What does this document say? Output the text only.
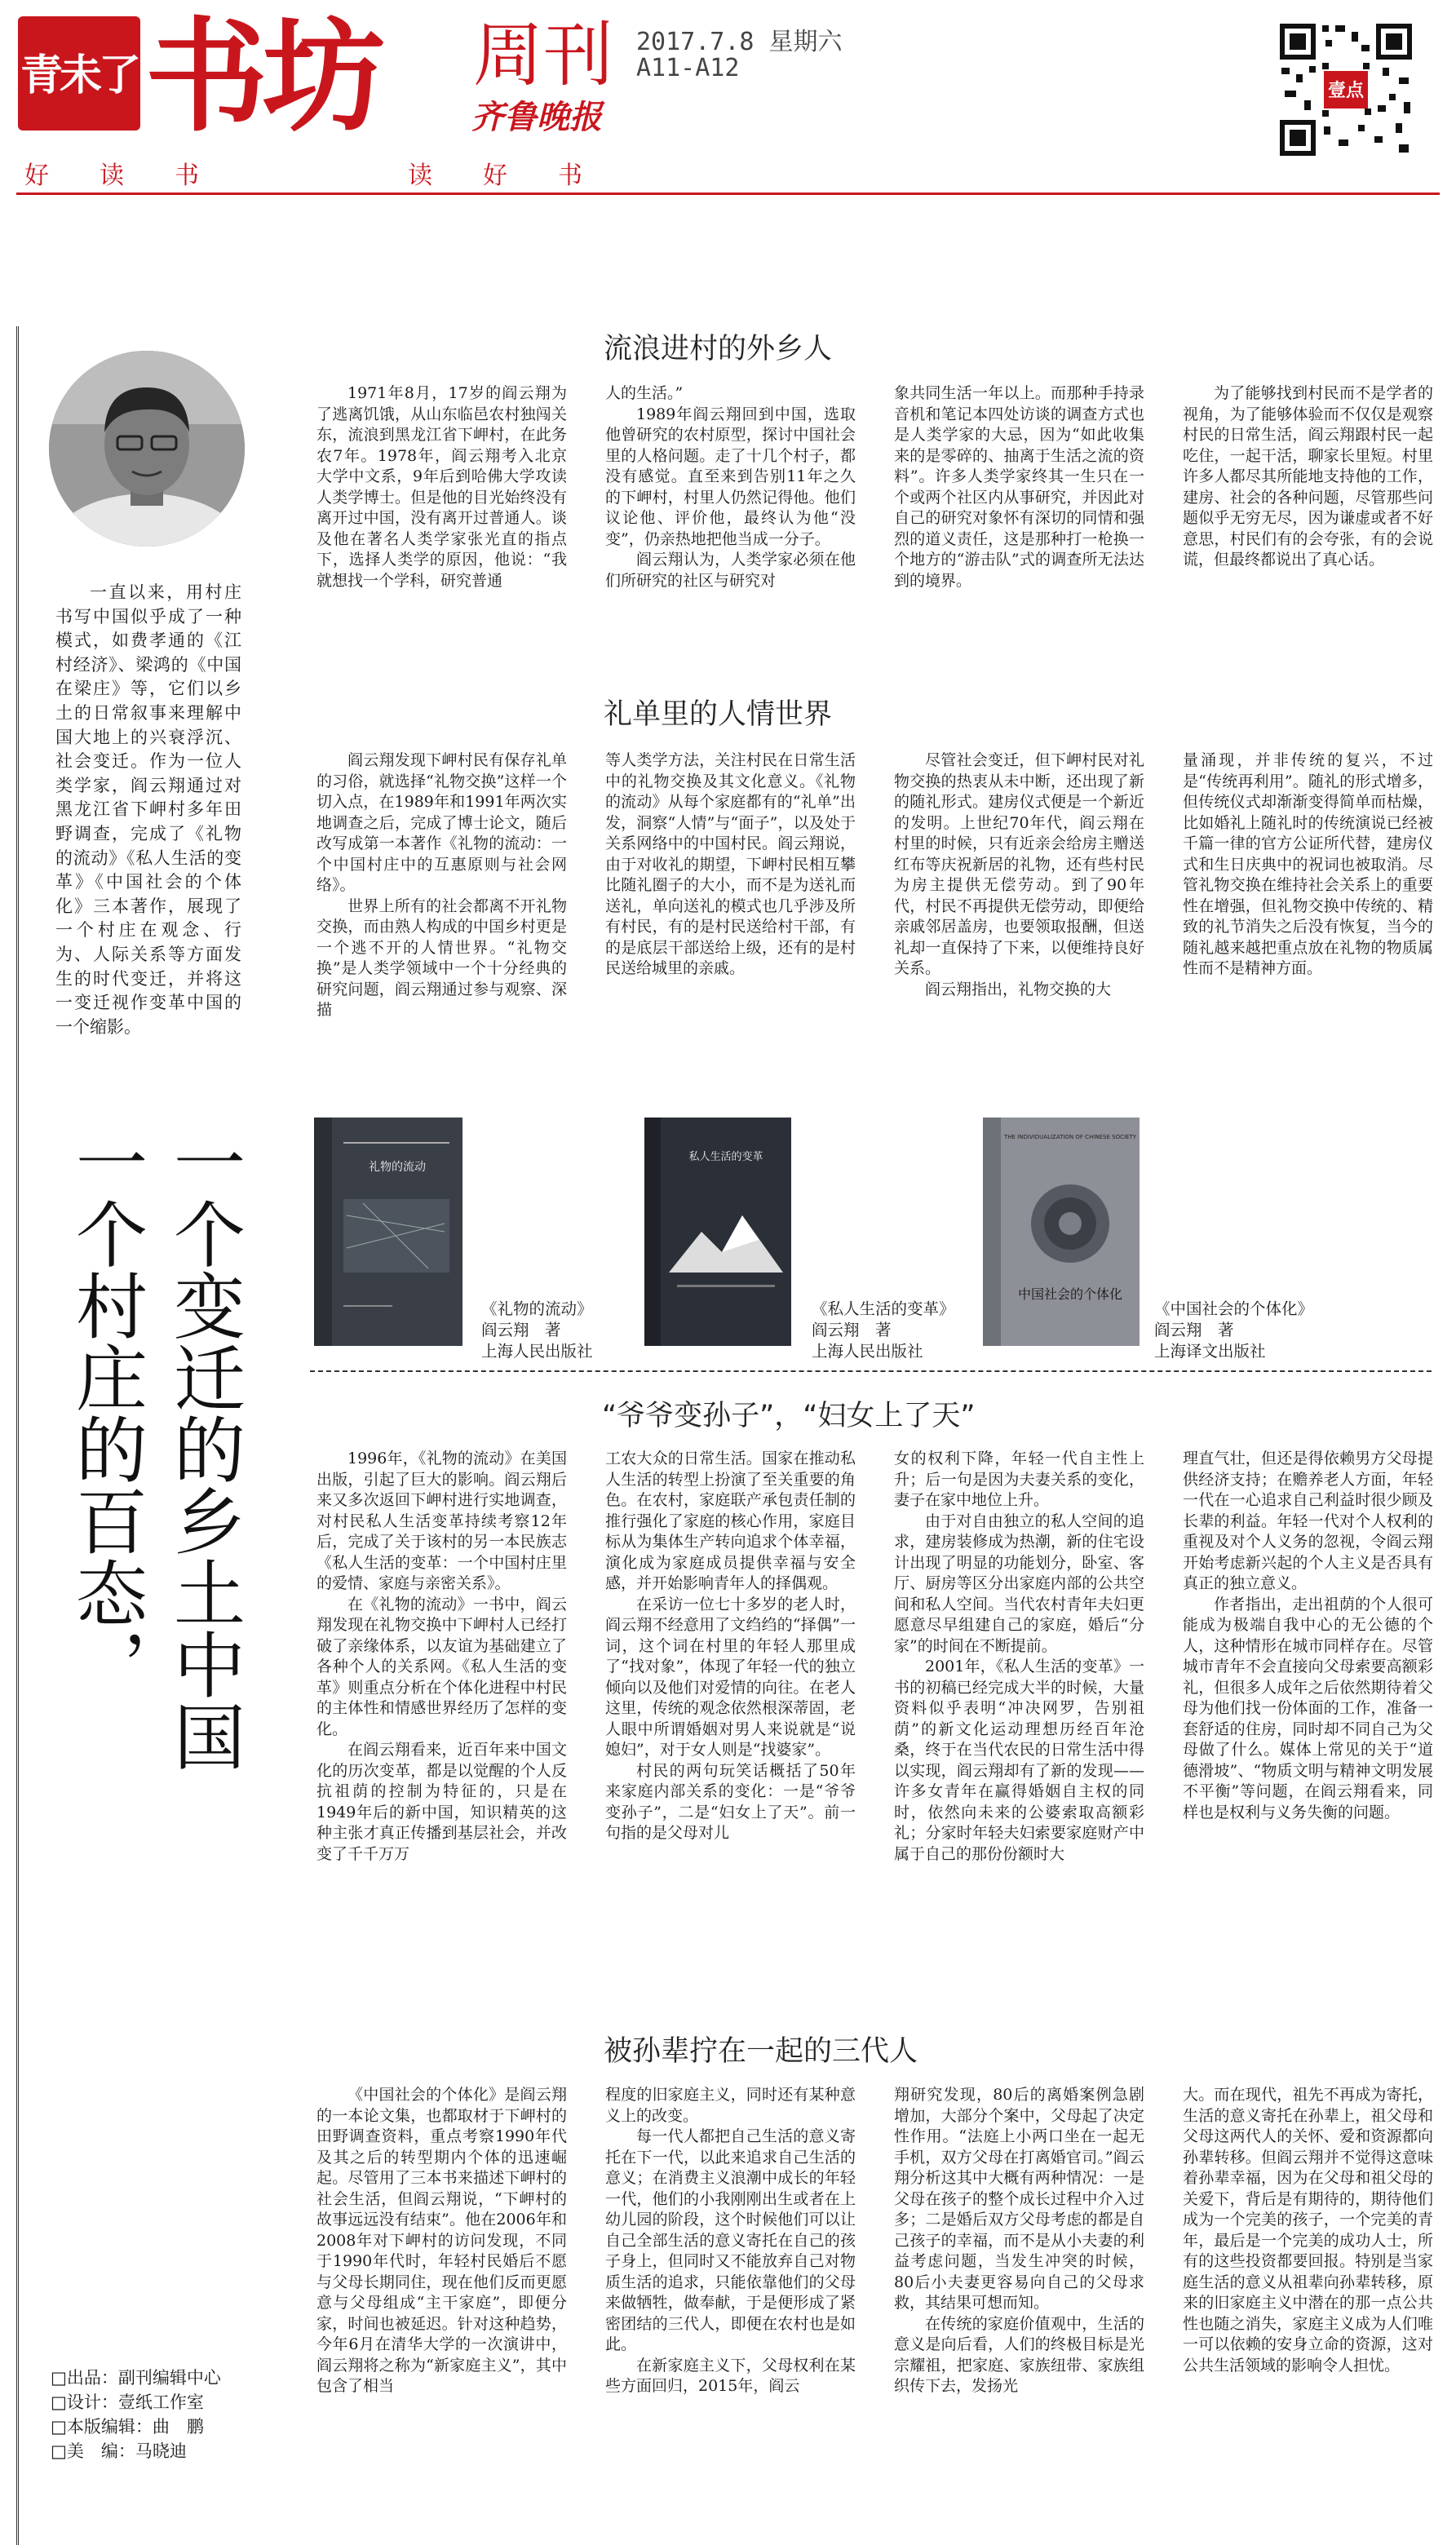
青未了 书坊 周刊
齐鲁晚报
2017.7.8 星期六
A11-A12
壹点
好读书	读好书
一直以来，用村庄书写中国似乎成了一种模式，如费孝通的《江村经济》、梁鸿的《中国在梁庄》等，它们以乡土的日常叙事来理解中国大地上的兴衰浮沉、社会变迁。作为一位人类学家，阎云翔通过对黑龙江省下岬村多年田野调查，完成了《礼物的流动》《私人生活的变革》《中国社会的个体化》三本著作，展现了一个村庄在观念、行为、人际关系等方面发生的时代变迁，并将这一变迁视作变革中国的一个缩影。
一个变迁的乡土中国
一个村庄的百态，
□出品：副刊编辑中心
□设计：壹纸工作室
□本版编辑：曲　鹏
□美　编：马晓迪
流浪进村的外乡人

1971年8月，17岁的阎云翔为了逃离饥饿，从山东临邑农村独闯关东，流浪到黑龙江省下岬村，在此务农7年。1978年，阎云翔考入北京大学中文系，9年后到哈佛大学攻读人类学博士。但是他的目光始终没有离开过中国，没有离开过普通人。谈及他在著名人类学家张光直的指点下，选择人类学的原因，他说：“我就想找一个学科，研究普通

人的生活。”

1989年阎云翔回到中国，选取他曾研究的农村原型，探讨中国社会里的人格问题。走了十几个村子，都没有感觉。直至来到告别11年之久的下岬村，村里人仍然记得他。他们议论他、评价他，最终认为他“没变”，仍亲热地把他当成一分子。

阎云翔认为，人类学家必须在他们所研究的社区与研究对

象共同生活一年以上。而那种手持录音机和笔记本四处访谈的调查方式也是人类学家的大忌，因为“如此收集来的是零碎的、抽离于生活之流的资料”。许多人类学家终其一生只在一个或两个社区内从事研究，并因此对自己的研究对象怀有深切的同情和强烈的道义责任，这是那种打一枪换一个地方的“游击队”式的调查所无法达到的境界。

为了能够找到村民而不是学者的视角，为了能够体验而不仅仅是观察村民的日常生活，阎云翔跟村民一起吃住，一起干活，聊家长里短。村里许多人都尽其所能地支持他的工作，建房、社会的各种问题，尽管那些问题似乎无穷无尽，因为谦虚或者不好意思，村民们有的会夸张，有的会说谎，但最终都说出了真心话。

礼单里的人情世界

阎云翔发现下岬村民有保存礼单的习俗，就选择“礼物交换”这样一个切入点，在1989年和1991年两次实地调查之后，完成了博士论文，随后改写成第一本著作《礼物的流动：一个中国村庄中的互惠原则与社会网络》。

世界上所有的社会都离不开礼物交换，而由熟人构成的中国乡村更是一个逃不开的人情世界。“礼物交换”是人类学领域中一个十分经典的研究问题，阎云翔通过参与观察、深描

等人类学方法，关注村民在日常生活中的礼物交换及其文化意义。《礼物的流动》从每个家庭都有的“礼单”出发，洞察“人情”与“面子”，以及处于关系网络中的中国村民。阎云翔说，由于对收礼的期望，下岬村民相互攀比随礼圈子的大小，而不是为送礼而送礼，单向送礼的模式也几乎涉及所有村民，有的是村民送给村干部，有的是底层干部送给上级，还有的是村民送给城里的亲戚。

尽管社会变迁，但下岬村民对礼物交换的热衷从未中断，还出现了新的随礼形式。建房仪式便是一个新近的发明。上世纪70年代，阎云翔在村里的时候，只有近亲会给房主赠送红布等庆祝新居的礼物，还有些村民为房主提供无偿劳动。到了90年代，村民不再提供无偿劳动，即便给亲戚邻居盖房，也要领取报酬，但送礼却一直保持了下来，以便维持良好关系。

阎云翔指出，礼物交换的大

量涌现，并非传统的复兴，不过是“传统再利用”。随礼的形式增多，但传统仪式却渐渐变得简单而枯燥，比如婚礼上随礼时的传统演说已经被千篇一律的官方公证所代替，建房仪式和生日庆典中的祝词也被取消。尽管礼物交换在维持社会关系上的重要性在增强，但礼物交换中传统的、精致的礼节消失之后没有恢复，当今的随礼越来越把重点放在礼物的物质属性而不是精神方面。

礼物的流动
《礼物的流动》
阎云翔　著
上海人民出版社
私人生活的变革
《私人生活的变革》
阎云翔　著
上海人民出版社
THE INDIVIDUALIZATION OF CHINESE SOCIETY
中国社会的个体化
《中国社会的个体化》
阎云翔　著
上海译文出版社
“爷爷变孙子”，“妇女上了天”

1996年，《礼物的流动》在美国出版，引起了巨大的影响。阎云翔后来又多次返回下岬村进行实地调查，对村民私人生活变革持续考察12年后，完成了关于该村的另一本民族志《私人生活的变革：一个中国村庄里的爱情、家庭与亲密关系》。

在《礼物的流动》一书中，阎云翔发现在礼物交换中下岬村人已经打破了亲缘体系，以友谊为基础建立了各种个人的关系网。《私人生活的变革》则重点分析在个体化进程中村民的主体性和情感世界经历了怎样的变化。

在阎云翔看来，近百年来中国文化的历次变革，都是以觉醒的个人反抗祖荫的控制为特征的，只是在1949年后的新中国，知识精英的这种主张才真正传播到基层社会，并改变了千千万万

工农大众的日常生活。国家在推动私人生活的转型上扮演了至关重要的角色。在农村，家庭联产承包责任制的推行强化了家庭的核心作用，家庭目标从为集体生产转向追求个体幸福，演化成为家庭成员提供幸福与安全感，并开始影响青年人的择偶观。

在采访一位七十多岁的老人时，阎云翔不经意用了文绉绉的“择偶”一词，这个词在村里的年轻人那里成了“找对象”，体现了年轻一代的独立倾向以及他们对爱情的向往。在老人这里，传统的观念依然根深蒂固，老人眼中所谓婚姻对男人来说就是“说媳妇”，对于女人则是“找婆家”。

村民的两句玩笑话概括了50年来家庭内部关系的变化：一是“爷爷变孙子”，二是“妇女上了天”。前一句指的是父母对儿

女的权利下降，年轻一代自主性上升；后一句是因为夫妻关系的变化，妻子在家中地位上升。

由于对自由独立的私人空间的追求，建房装修成为热潮，新的住宅设计出现了明显的功能划分，卧室、客厅、厨房等区分出家庭内部的公共空间和私人空间。当代农村青年夫妇更愿意尽早组建自己的家庭，婚后“分家”的时间在不断提前。

2001年，《私人生活的变革》一书的初稿已经完成大半的时候，大量资料似乎表明“冲决网罗，告别祖荫”的新文化运动理想历经百年沧桑，终于在当代农民的日常生活中得以实现，阎云翔却有了新的发现——许多女青年在赢得婚姻自主权的同时，依然向未来的公婆索取高额彩礼；分家时年轻夫妇索要家庭财产中属于自己的那份份额时大

理直气壮，但还是得依赖男方父母提供经济支持；在赡养老人方面，年轻一代在一心追求自己利益时很少顾及长辈的利益。年轻一代对个人权利的重视及对个人义务的忽视，令阎云翔开始考虑新兴起的个人主义是否具有真正的独立意义。

作者指出，走出祖荫的个人很可能成为极端自我中心的无公德的个人，这种情形在城市同样存在。尽管城市青年不会直接向父母索要高额彩礼，但很多人成年之后依然期待着父母为他们找一份体面的工作，准备一套舒适的住房，同时却不同自己为父母做了什么。媒体上常见的关于“道德滑坡”、“物质文明与精神文明发展不平衡”等问题，在阎云翔看来，同样也是权利与义务失衡的问题。

被孙辈拧在一起的三代人

《中国社会的个体化》是阎云翔的一本论文集，也都取材于下岬村的田野调查资料，重点考察1990年代及其之后的转型期内个体的迅速崛起。尽管用了三本书来描述下岬村的社会生活，但阎云翔说，“下岬村的故事远远没有结束”。他在2006年和2008年对下岬村的访问发现，不同于1990年代时，年轻村民婚后不愿与父母长期同住，现在他们反而更愿意与父母组成“主干家庭”，即便分家，时间也被延迟。针对这种趋势，今年6月在清华大学的一次演讲中，阎云翔将之称为“新家庭主义”，其中包含了相当

程度的旧家庭主义，同时还有某种意义上的改变。

每一代人都把自己生活的意义寄托在下一代，以此来追求自己生活的意义；在消费主义浪潮中成长的年轻一代，他们的小我刚刚出生或者在上幼儿园的阶段，这个时候他们可以让自己全部生活的意义寄托在自己的孩子身上，但同时又不能放弃自己对物质生活的追求，只能依靠他们的父母来做牺牲，做奉献，于是便形成了紧密团结的三代人，即便在农村也是如此。

在新家庭主义下，父母权利在某些方面回归，2015年，阎云

翔研究发现，80后的离婚案例急剧增加，大部分个案中，父母起了决定性作用。“法庭上小两口坐在一起无手机，双方父母在打离婚官司。”阎云翔分析这其中大概有两种情况：一是父母在孩子的整个成长过程中介入过多；二是婚后双方父母考虑的都是自己孩子的幸福，而不是从小夫妻的利益考虑问题，当发生冲突的时候，80后小夫妻更容易向自己的父母求救，其结果可想而知。

在传统的家庭价值观中，生活的意义是向后看，人们的终极目标是光宗耀祖，把家庭、家族纽带、家族组织传下去，发扬光

大。而在现代，祖先不再成为寄托，生活的意义寄托在孙辈上，祖父母和父母这两代人的关怀、爱和资源都向孙辈转移。但阎云翔并不觉得这意味着孙辈幸福，因为在父母和祖父母的关爱下，背后是有期待的，期待他们成为一个完美的孩子，一个完美的青年，最后是一个完美的成功人士，所有的这些投资都要回报。特别是当家庭生活的意义从祖辈向孙辈转移，原来的旧家庭主义中潜在的那一点公共性也随之消失，家庭主义成为人们唯一可以依赖的安身立命的资源，这对公共生活领域的影响令人担忧。
